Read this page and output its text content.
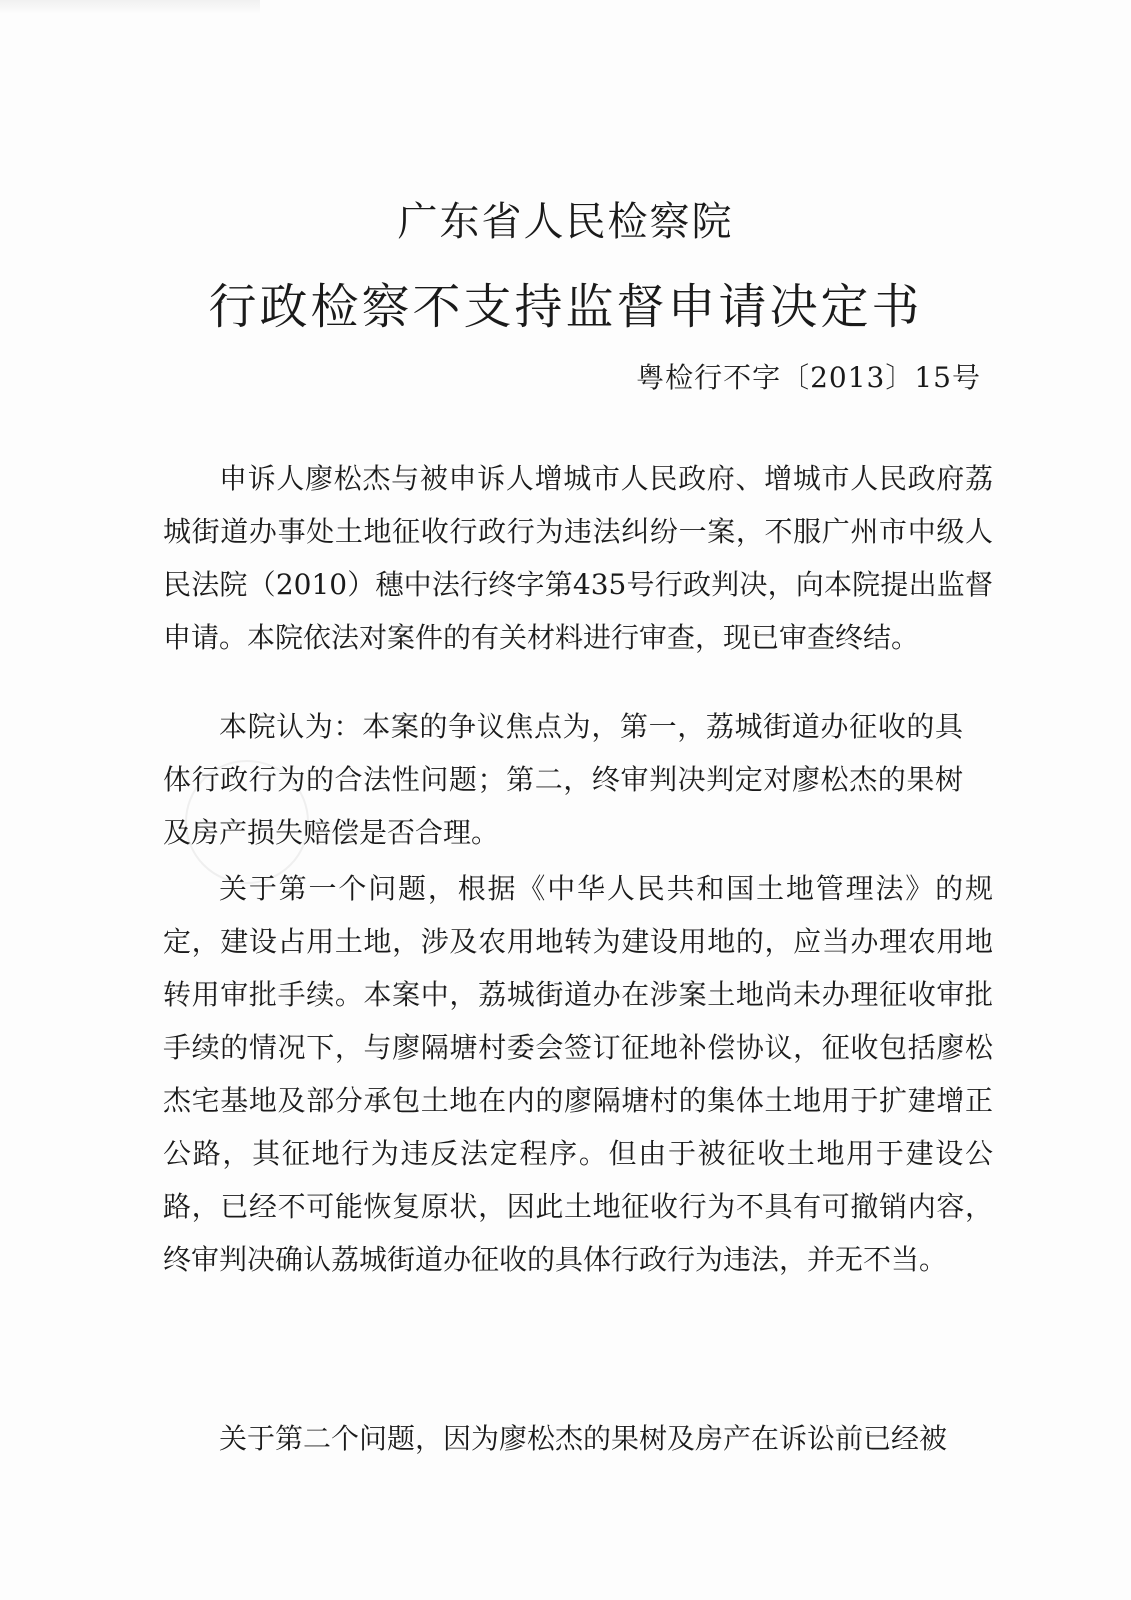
广东省人民检察院
行政检察不支持监督申请决定书
粤检行不字〔2013〕15号

申诉人廖松杰与被申诉人增城市人民政府、增城市人民政府荔城街道办事处土地征收行政行为违法纠纷一案，不服广州市中级人民法院（2010）穗中法行终字第435号行政判决，向本院提出监督申请。本院依法对案件的有关材料进行审查，现已审查终结。

本院认为：本案的争议焦点为，第一，荔城街道办征收的具体行政行为的合法性问题；第二，终审判决判定对廖松杰的果树及房产损失赔偿是否合理。

关于第一个问题，根据《中华人民共和国土地管理法》的规定，建设占用土地，涉及农用地转为建设用地的，应当办理农用地转用审批手续。本案中，荔城街道办在涉案土地尚未办理征收审批手续的情况下，与廖隔塘村委会签订征地补偿协议，征收包括廖松杰宅基地及部分承包土地在内的廖隔塘村的集体土地用于扩建增正公路，其征地行为违反法定程序。但由于被征收土地用于建设公路，已经不可能恢复原状，因此土地征收行为不具有可撤销内容，终审判决确认荔城街道办征收的具体行政行为违法，并无不当。

关于第二个问题，因为廖松杰的果树及房产在诉讼前已经被
